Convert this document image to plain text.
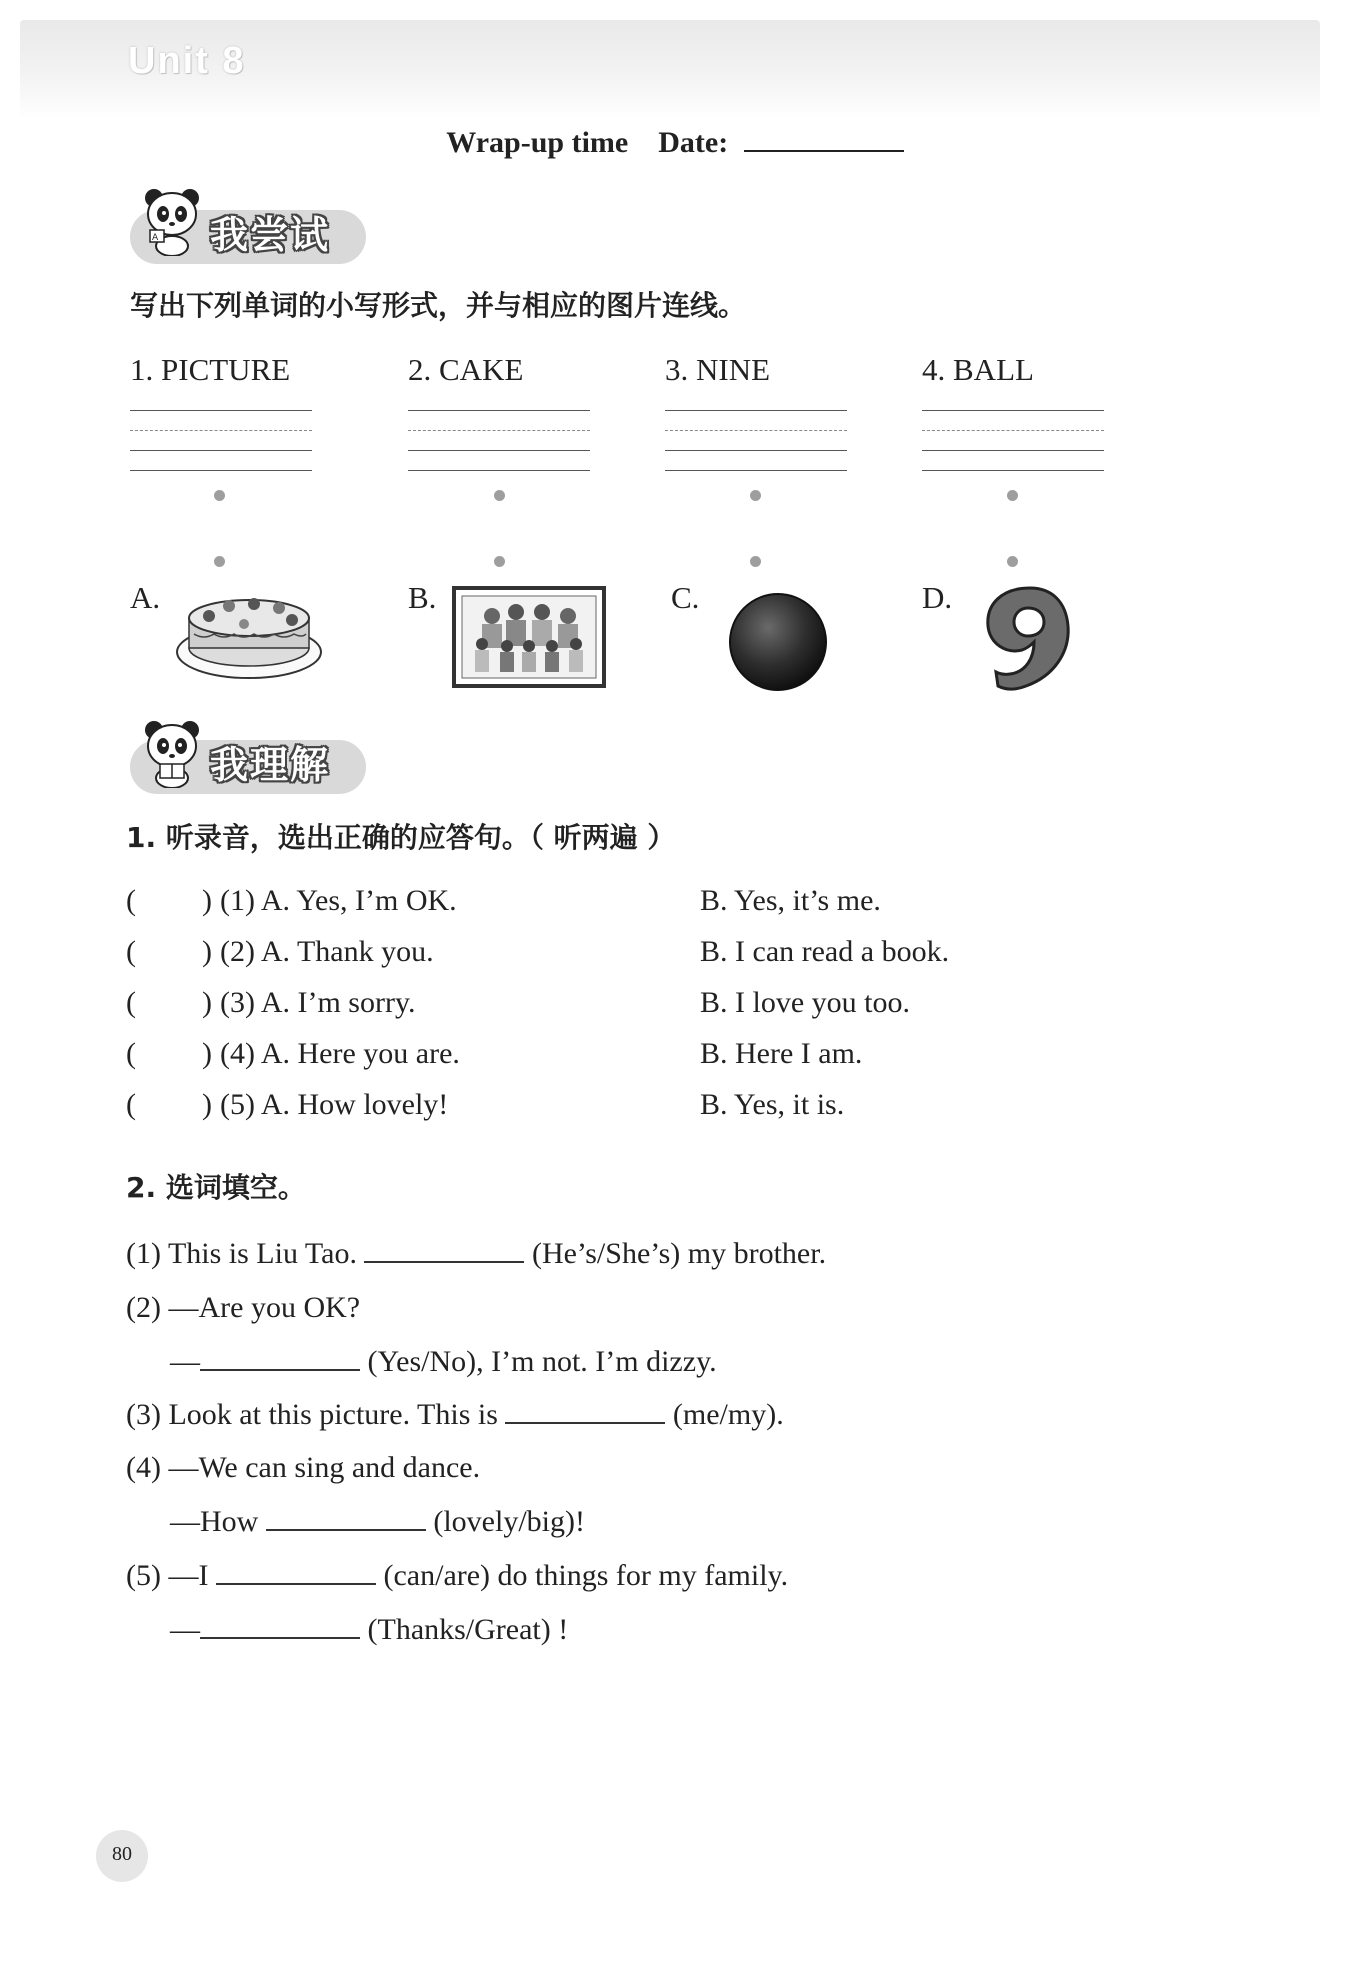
Unit 8
Wrap-up time Date:
A 我尝试
写出下列单词的小写形式，并与相应的图片连线。
1. PICTURE	2. CAKE	3. NINE	4. BALL
A.	B.	C.	D.
我理解
1. 听录音，选出正确的应答句。（ 听两遍 ）
( ) (1) A. Yes, I’m OK.	B. Yes, it’s me.
( ) (2) A. Thank you.	B. I can read a book.
( ) (3) A. I’m sorry.	B. I love you too.
( ) (4) A. Here you are.	B. Here I am.
( ) (5) A. How lovely!	B. Yes, it is.
2. 选词填空。
(1) This is Liu Tao.	(He’s/She’s) my brother.
(2) —Are you OK?
—	(Yes/No), I’m not. I’m dizzy.
(3) Look at this picture. This is	(me/my).
(4) —We can sing and dance.
—How	(lovely/big)!
(5) —I	(can/are) do things for my family.
—	(Thanks/Great) !
80
